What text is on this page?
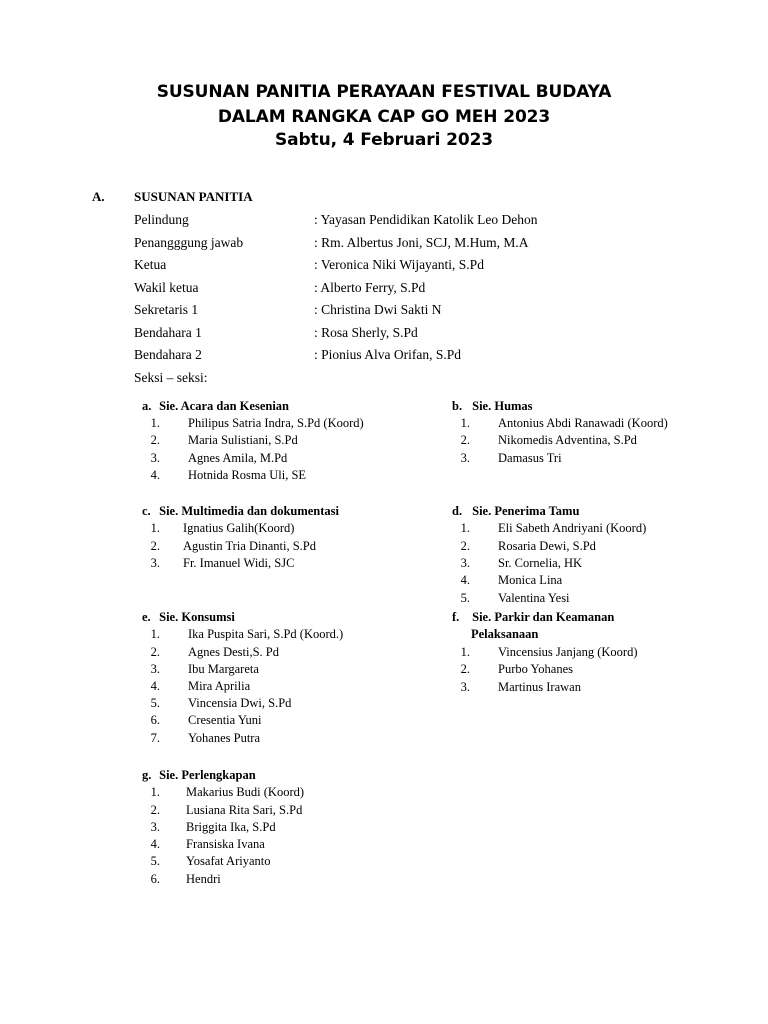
SUSUNAN PANITIA PERAYAAN FESTIVAL BUDAYA
DALAM RANGKA CAP GO MEH 2023
Sabtu, 4 Februari 2023
A. SUSUNAN PANITIA
Pelindung	: Yayasan Pendidikan Katolik Leo Dehon
Penangggung jawab	: Rm. Albertus Joni, SCJ, M.Hum, M.A
Ketua	: Veronica Niki Wijayanti, S.Pd
Wakil ketua	: Alberto Ferry, S.Pd
Sekretaris 1	: Christina Dwi Sakti N
Bendahara 1	: Rosa Sherly, S.Pd
Bendahara 2	: Pionius Alva Orifan, S.Pd
Seksi – seksi:
a. Sie. Acara dan Kesenian
1. Philipus Satria Indra, S.Pd (Koord)
2. Maria Sulistiani, S.Pd
3. Agnes Amila, M.Pd
4. Hotnida Rosma Uli, SE
b. Sie. Humas
1. Antonius Abdi Ranawadi (Koord)
2. Nikomedis Adventina, S.Pd
3. Damasus Tri
c. Sie. Multimedia dan dokumentasi
1. Ignatius Galih(Koord)
2. Agustin Tria Dinanti, S.Pd
3. Fr. Imanuel Widi, SJC
d. Sie. Penerima Tamu
1. Eli Sabeth Andriyani (Koord)
2. Rosaria Dewi, S.Pd
3. Sr. Cornelia, HK
4. Monica Lina
5. Valentina Yesi
e. Sie. Konsumsi
1. Ika Puspita Sari, S.Pd (Koord.)
2. Agnes Desti,S. Pd
3. Ibu Margareta
4. Mira Aprilia
5. Vincensia Dwi, S.Pd
6. Cresentia Yuni
7. Yohanes Putra
f. Sie. Parkir dan Keamanan
Pelaksanaan
1. Vincensius Janjang (Koord)
2. Purbo Yohanes
3. Martinus Irawan
g. Sie. Perlengkapan
1. Makarius Budi (Koord)
2. Lusiana Rita Sari, S.Pd
3. Briggita Ika, S.Pd
4. Fransiska Ivana
5. Yosafat Ariyanto
6. Hendri
